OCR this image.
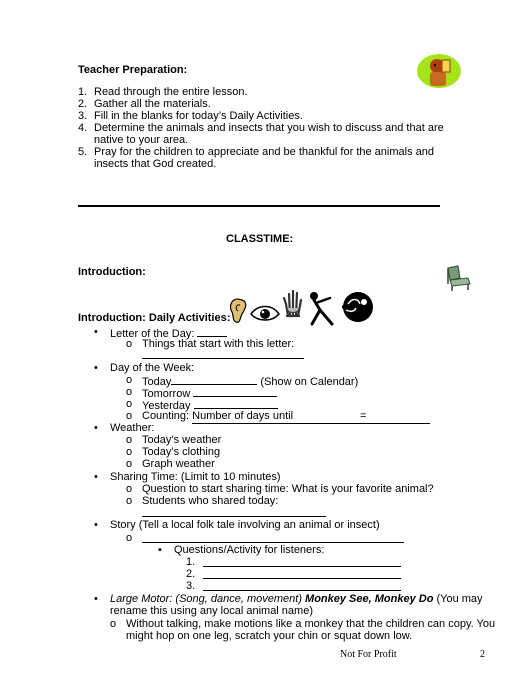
Teacher Preparation:
1. Read through the entire lesson.
2. Gather all the materials.
3. Fill in the blanks for today’s Daily Activities.
4. Determine the animals and insects that you wish to discuss and that are
native to your area.
5. Pray for the children to appreciate and be thankful for the animals and
insects that God created.
CLASSTIME:
Introduction:
Introduction: Daily Activities:
• Letter of the Day:
o Things that start with this letter:
• Day of the Week:
o Today	(Show on Calendar)
o Tomorrow
o Yesterday
o Counting: Number of days until	=
• Weather:
o Today’s weather
o Today’s clothing
o Graph weather
• Sharing Time: (Limit to 10 minutes)
o Question to start sharing time: What is your favorite animal?
o Students who shared today:
• Story (Tell a local folk tale involving an animal or insect)
o
▪ Questions/Activity for listeners:
1.
2.
3.
• Large Motor: (Song, dance, movement) Monkey See, Monkey Do (You may
rename this using any local animal name)
o Without talking, make motions like a monkey that the children can copy. You
might hop on one leg, scratch your chin or squat down low.
Not For Profit	2
